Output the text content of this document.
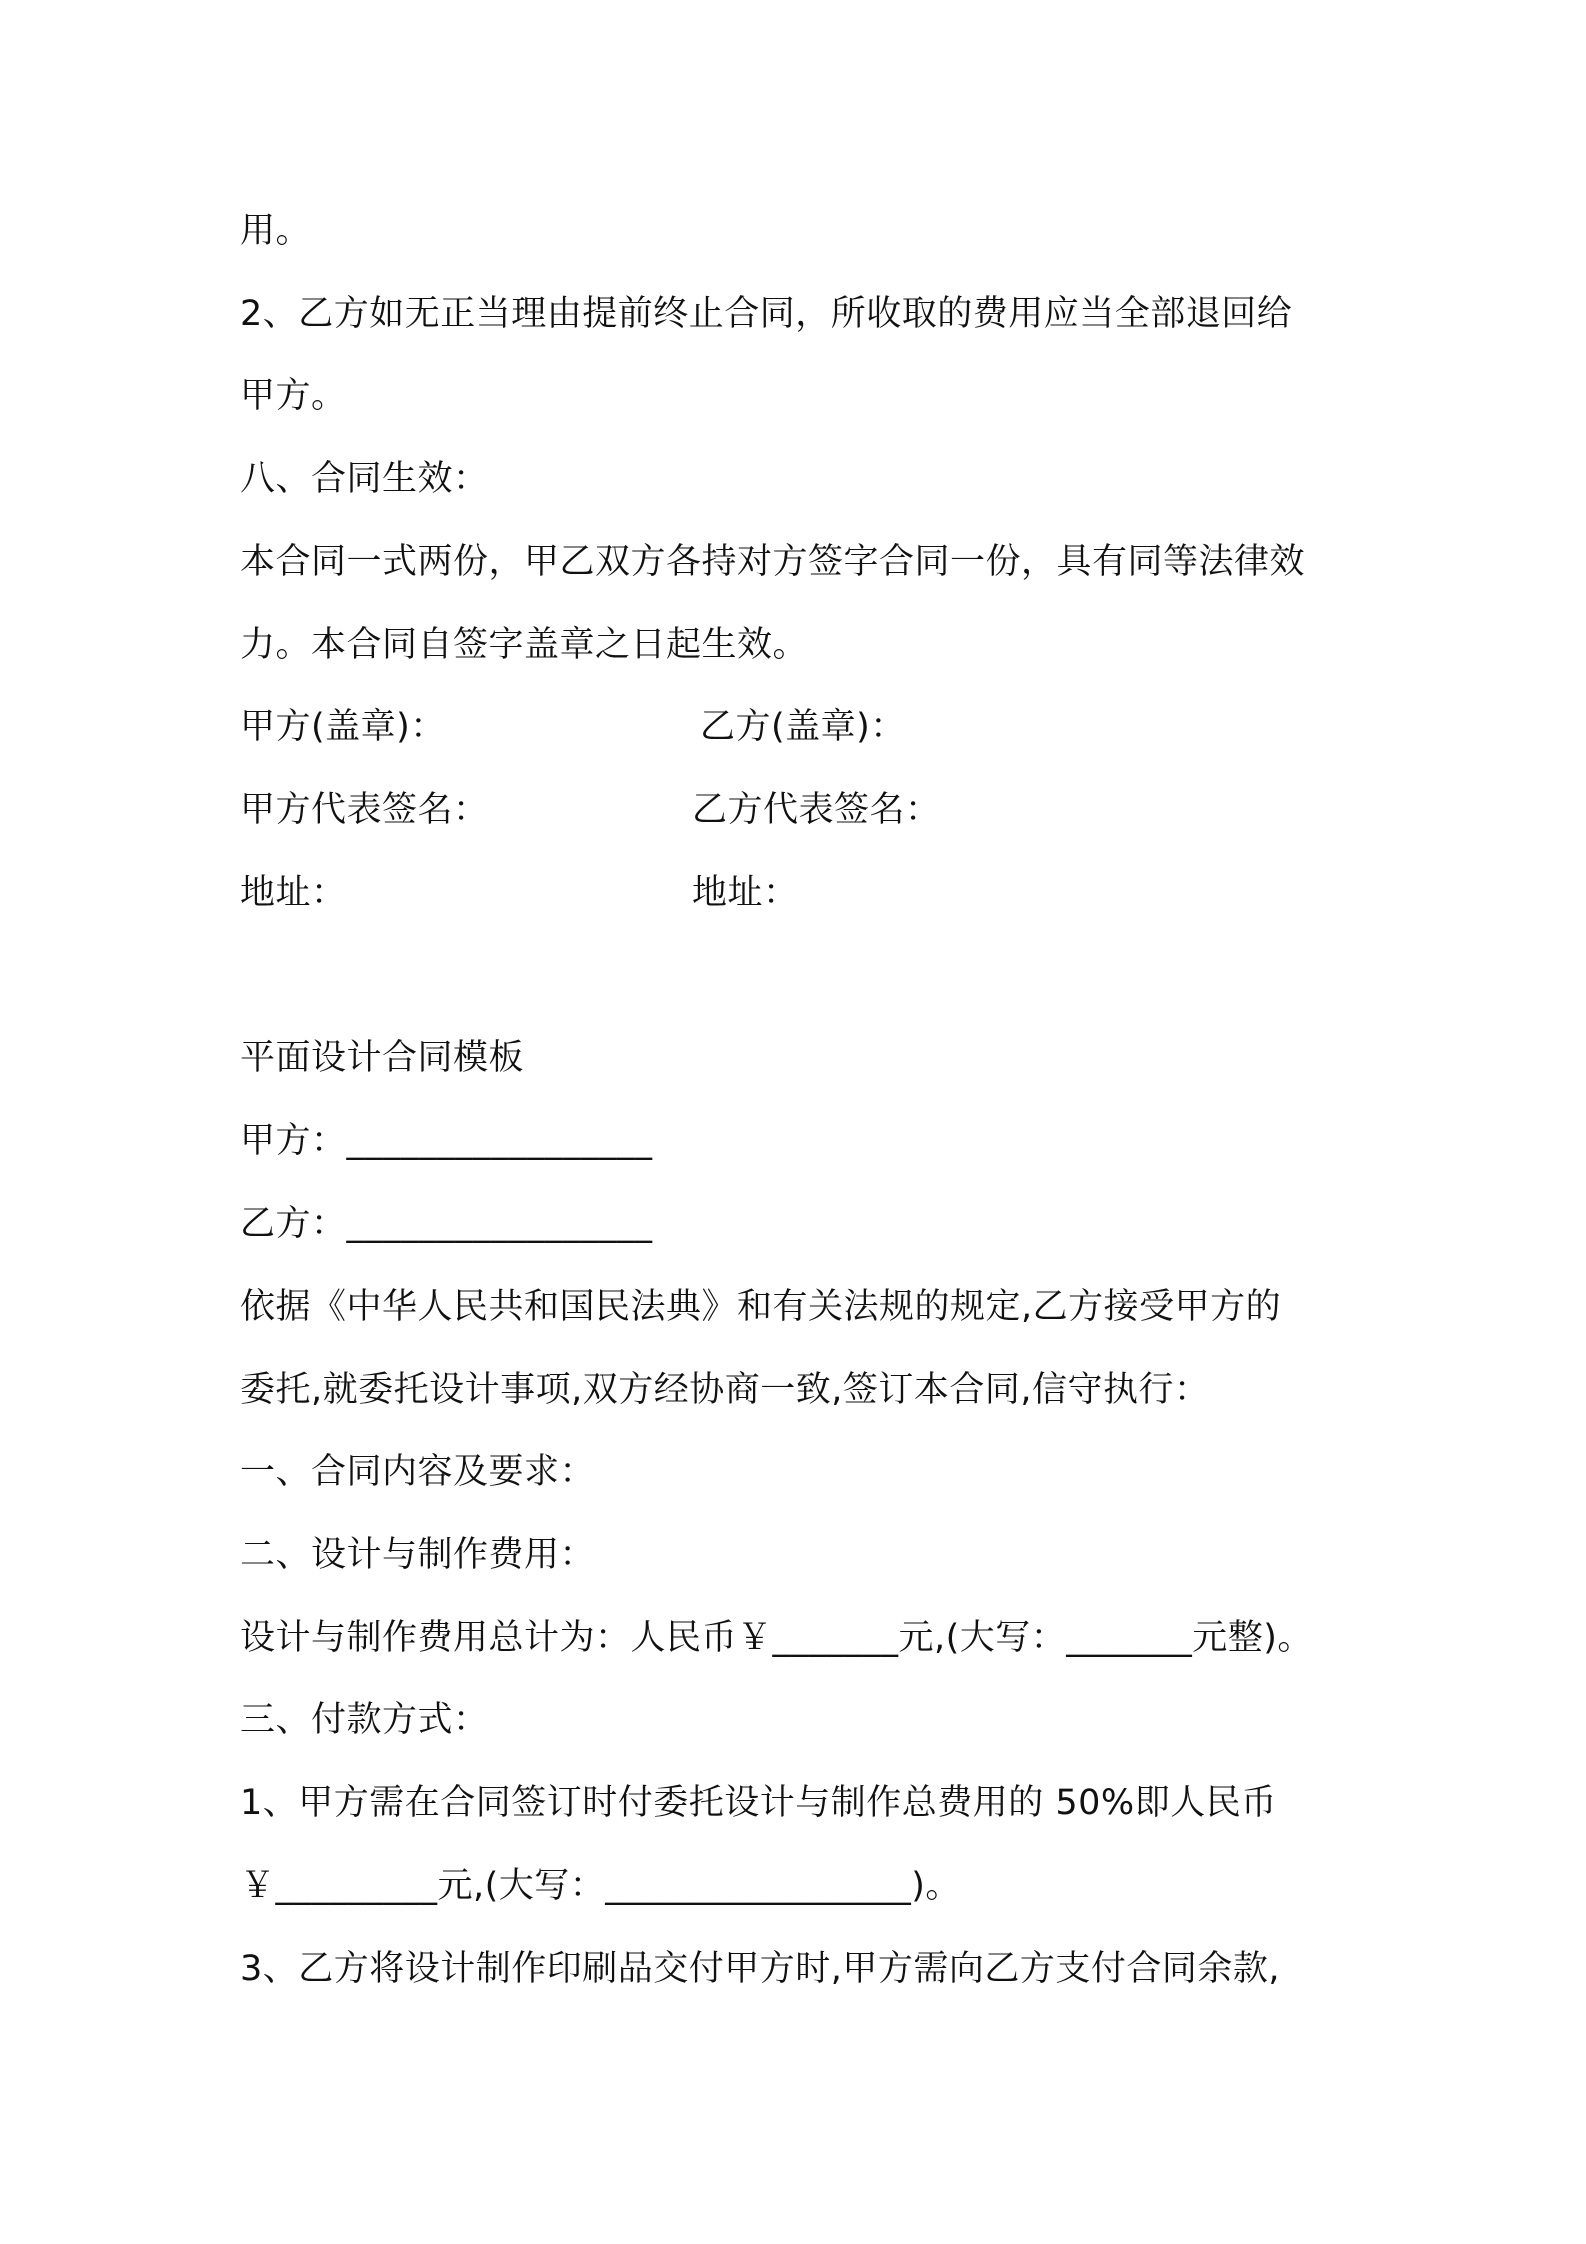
用。
2、乙方如无正当理由提前终止合同，所收取的费用应当全部退回给
甲方。
八、合同生效：
本合同一式两份，甲乙双方各持对方签字合同一份，具有同等法律效
力。本合同自签字盖章之日起生效。
甲方(盖章)：	乙方(盖章)：
甲方代表签名：	乙方代表签名：
地址：	地址：
平面设计合同模板
甲方：_________________
乙方：_________________
依据《中华人民共和国民法典》和有关法规的规定,乙方接受甲方的
委托,就委托设计事项,双方经协商一致,签订本合同,信守执行：
一、合同内容及要求：
二、设计与制作费用：
设计与制作费用总计为：人民币￥_______元,(大写：_______元整)。
三、付款方式：
1、甲方需在合同签订时付委托设计与制作总费用的 50%即人民币
￥_________元,(大写：_________________)。
3、乙方将设计制作印刷品交付甲方时,甲方需向乙方支付合同余款,
